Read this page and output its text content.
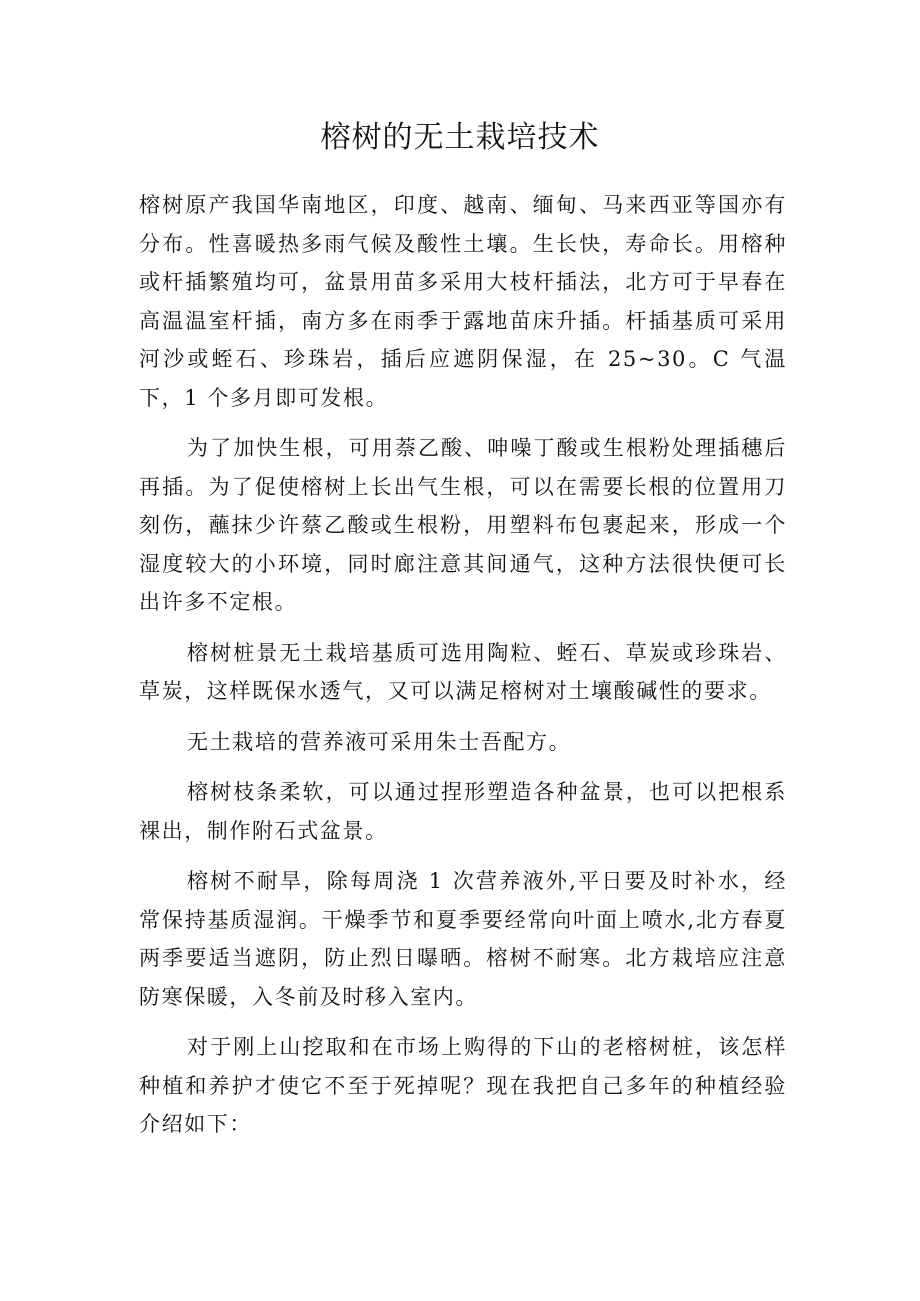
榕树的无土栽培技术

榕树原产我国华南地区，印度、越南、缅甸、马来西亚等国亦有分布。性喜暖热多雨气候及酸性土壤。生长快，寿命长。用榕种或杆插繁殖均可，盆景用苗多采用大枝杆插法，北方可于早春在高温温室杆插，南方多在雨季于露地苗床升插。杆插基质可采用河沙或蛭石、珍珠岩，插后应遮阴保湿，在 25~30。C 气温下，1 个多月即可发根。

为了加快生根，可用萘乙酸、呻噪丁酸或生根粉处理插穗后再插。为了促使榕树上长出气生根，可以在需要长根的位置用刀刻伤，蘸抹少许蔡乙酸或生根粉，用塑料布包裹起来，形成一个湿度较大的小环境，同时廊注意其间通气，这种方法很快便可长出许多不定根。

榕树桩景无土栽培基质可选用陶粒、蛭石、草炭或珍珠岩、草炭，这样既保水透气，又可以满足榕树对土壤酸碱性的要求。

无土栽培的营养液可采用朱士吾配方。

榕树枝条柔软，可以通过捏形塑造各种盆景，也可以把根系裸出，制作附石式盆景。

榕树不耐旱，除每周浇 1 次营养液外,平日要及时补水，经常保持基质湿润。干燥季节和夏季要经常向叶面上喷水,北方春夏两季要适当遮阴，防止烈日曝晒。榕树不耐寒。北方栽培应注意防寒保暖，入冬前及时移入室内。

对于刚上山挖取和在市场上购得的下山的老榕树桩，该怎样种植和养护才使它不至于死掉呢？现在我把自己多年的种植经验介绍如下：
